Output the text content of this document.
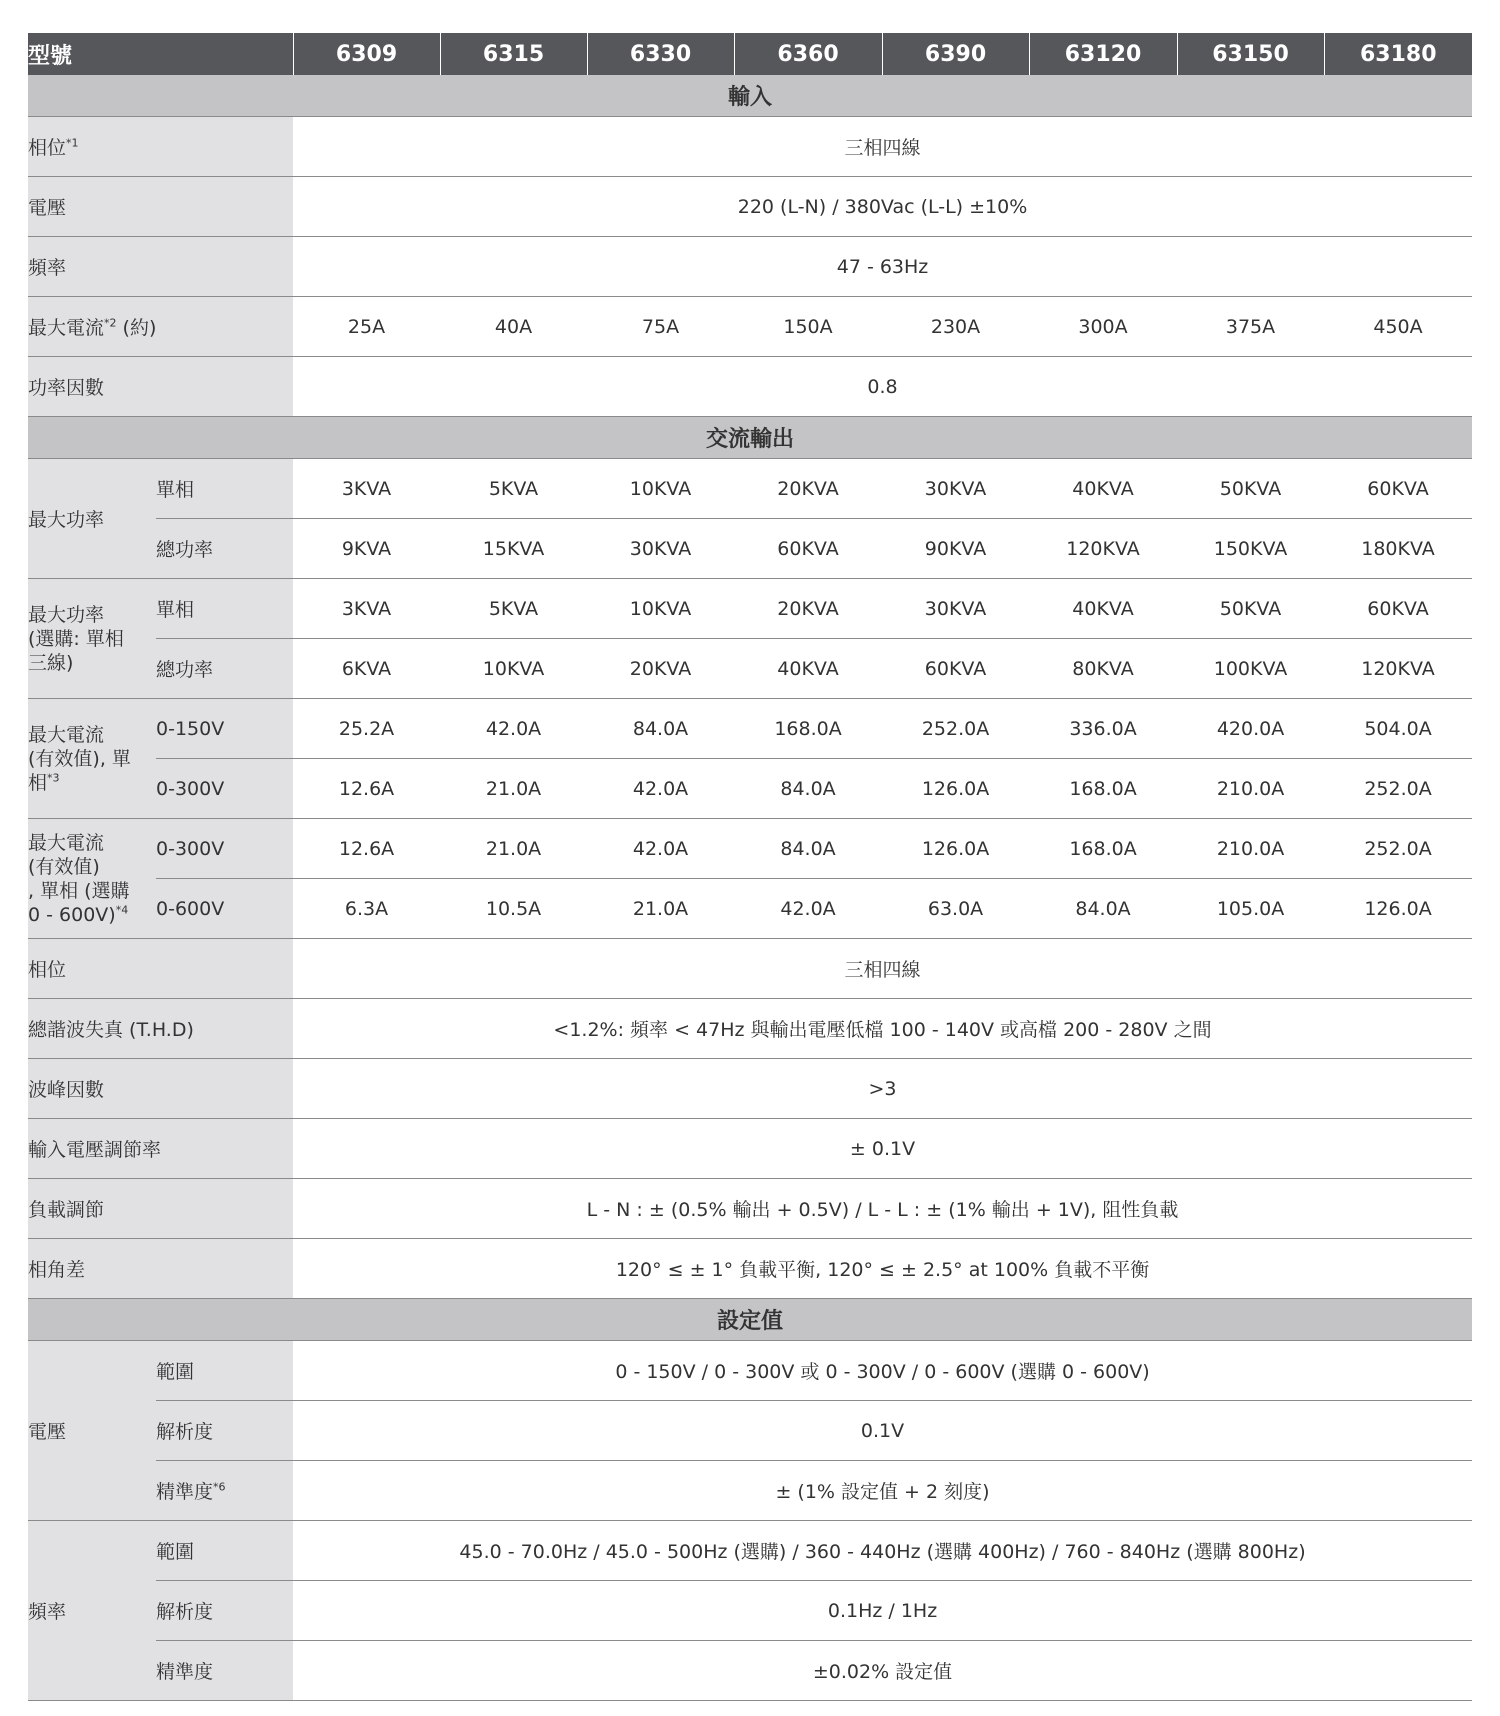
型號		6309	6315	6330	6360	6390	63120	63150	63180
輸入									
相位$^{*1}$		三相四線							
電壓		220 (L-N) / 380Vac (L-L) ±10%							
頻率		47 - 63Hz							
最大電流$^{*2}$ (約)		25A	40A	75A	150A	230A	300A	375A	450A
功率因數		0.8							
交流輸出									
最大功率	單相	3KVA	5KVA	10KVA	20KVA	30KVA	40KVA	50KVA	60KVA
	總功率	9KVA	15KVA	30KVA	60KVA	90KVA	120KVA	150KVA	180KVA

最大功率
(選購: 單相
三線)	單相	3KVA	5KVA	10KVA	20KVA	30KVA	40KVA	50KVA	60KVA
	總功率	6KVA	10KVA	20KVA	40KVA	60KVA	80KVA	100KVA	120KVA

最大電流
(有效值), 單
相$^{*3}$	0-150V	25.2A	42.0A	84.0A	168.0A	252.0A	336.0A	420.0A	504.0A
	0-300V	12.6A	21.0A	42.0A	84.0A	126.0A	168.0A	210.0A	252.0A

最大電流
(有效值)
, 單相 (選購
0 - 600V)$^{*4}$	0-300V	12.6A	21.0A	42.0A	84.0A	126.0A	168.0A	210.0A	252.0A
	0-600V	6.3A	10.5A	21.0A	42.0A	63.0A	84.0A	105.0A	126.0A
相位		三相四線							
總諧波失真 (T.H.D)		<1.2%: 頻率 < 47Hz 與輸出電壓低檔 100 - 140V 或高檔 200 - 280V 之間							
波峰因數		>3							
輸入電壓調節率		± 0.1V							
負載調節		L - N : ± (0.5% 輸出 + 0.5V) / L - L : ± (1% 輸出 + 1V), 阻性負載							
相角差		120° ≤ ± 1° 負載平衡, 120° ≤ ± 2.5° at 100% 負載不平衡							
設定值									
電壓	範圍	0 - 150V / 0 - 300V 或 0 - 300V / 0 - 600V (選購 0 - 600V)							
	解析度	0.1V							
	精準度$^{*6}$	± (1% 設定值 + 2 刻度)							
頻率	範圍	45.0 - 70.0Hz / 45.0 - 500Hz (選購) / 360 - 440Hz (選購 400Hz) / 760 - 840Hz (選購 800Hz)							
	解析度	0.1Hz / 1Hz							
	精準度	±0.02% 設定值							
